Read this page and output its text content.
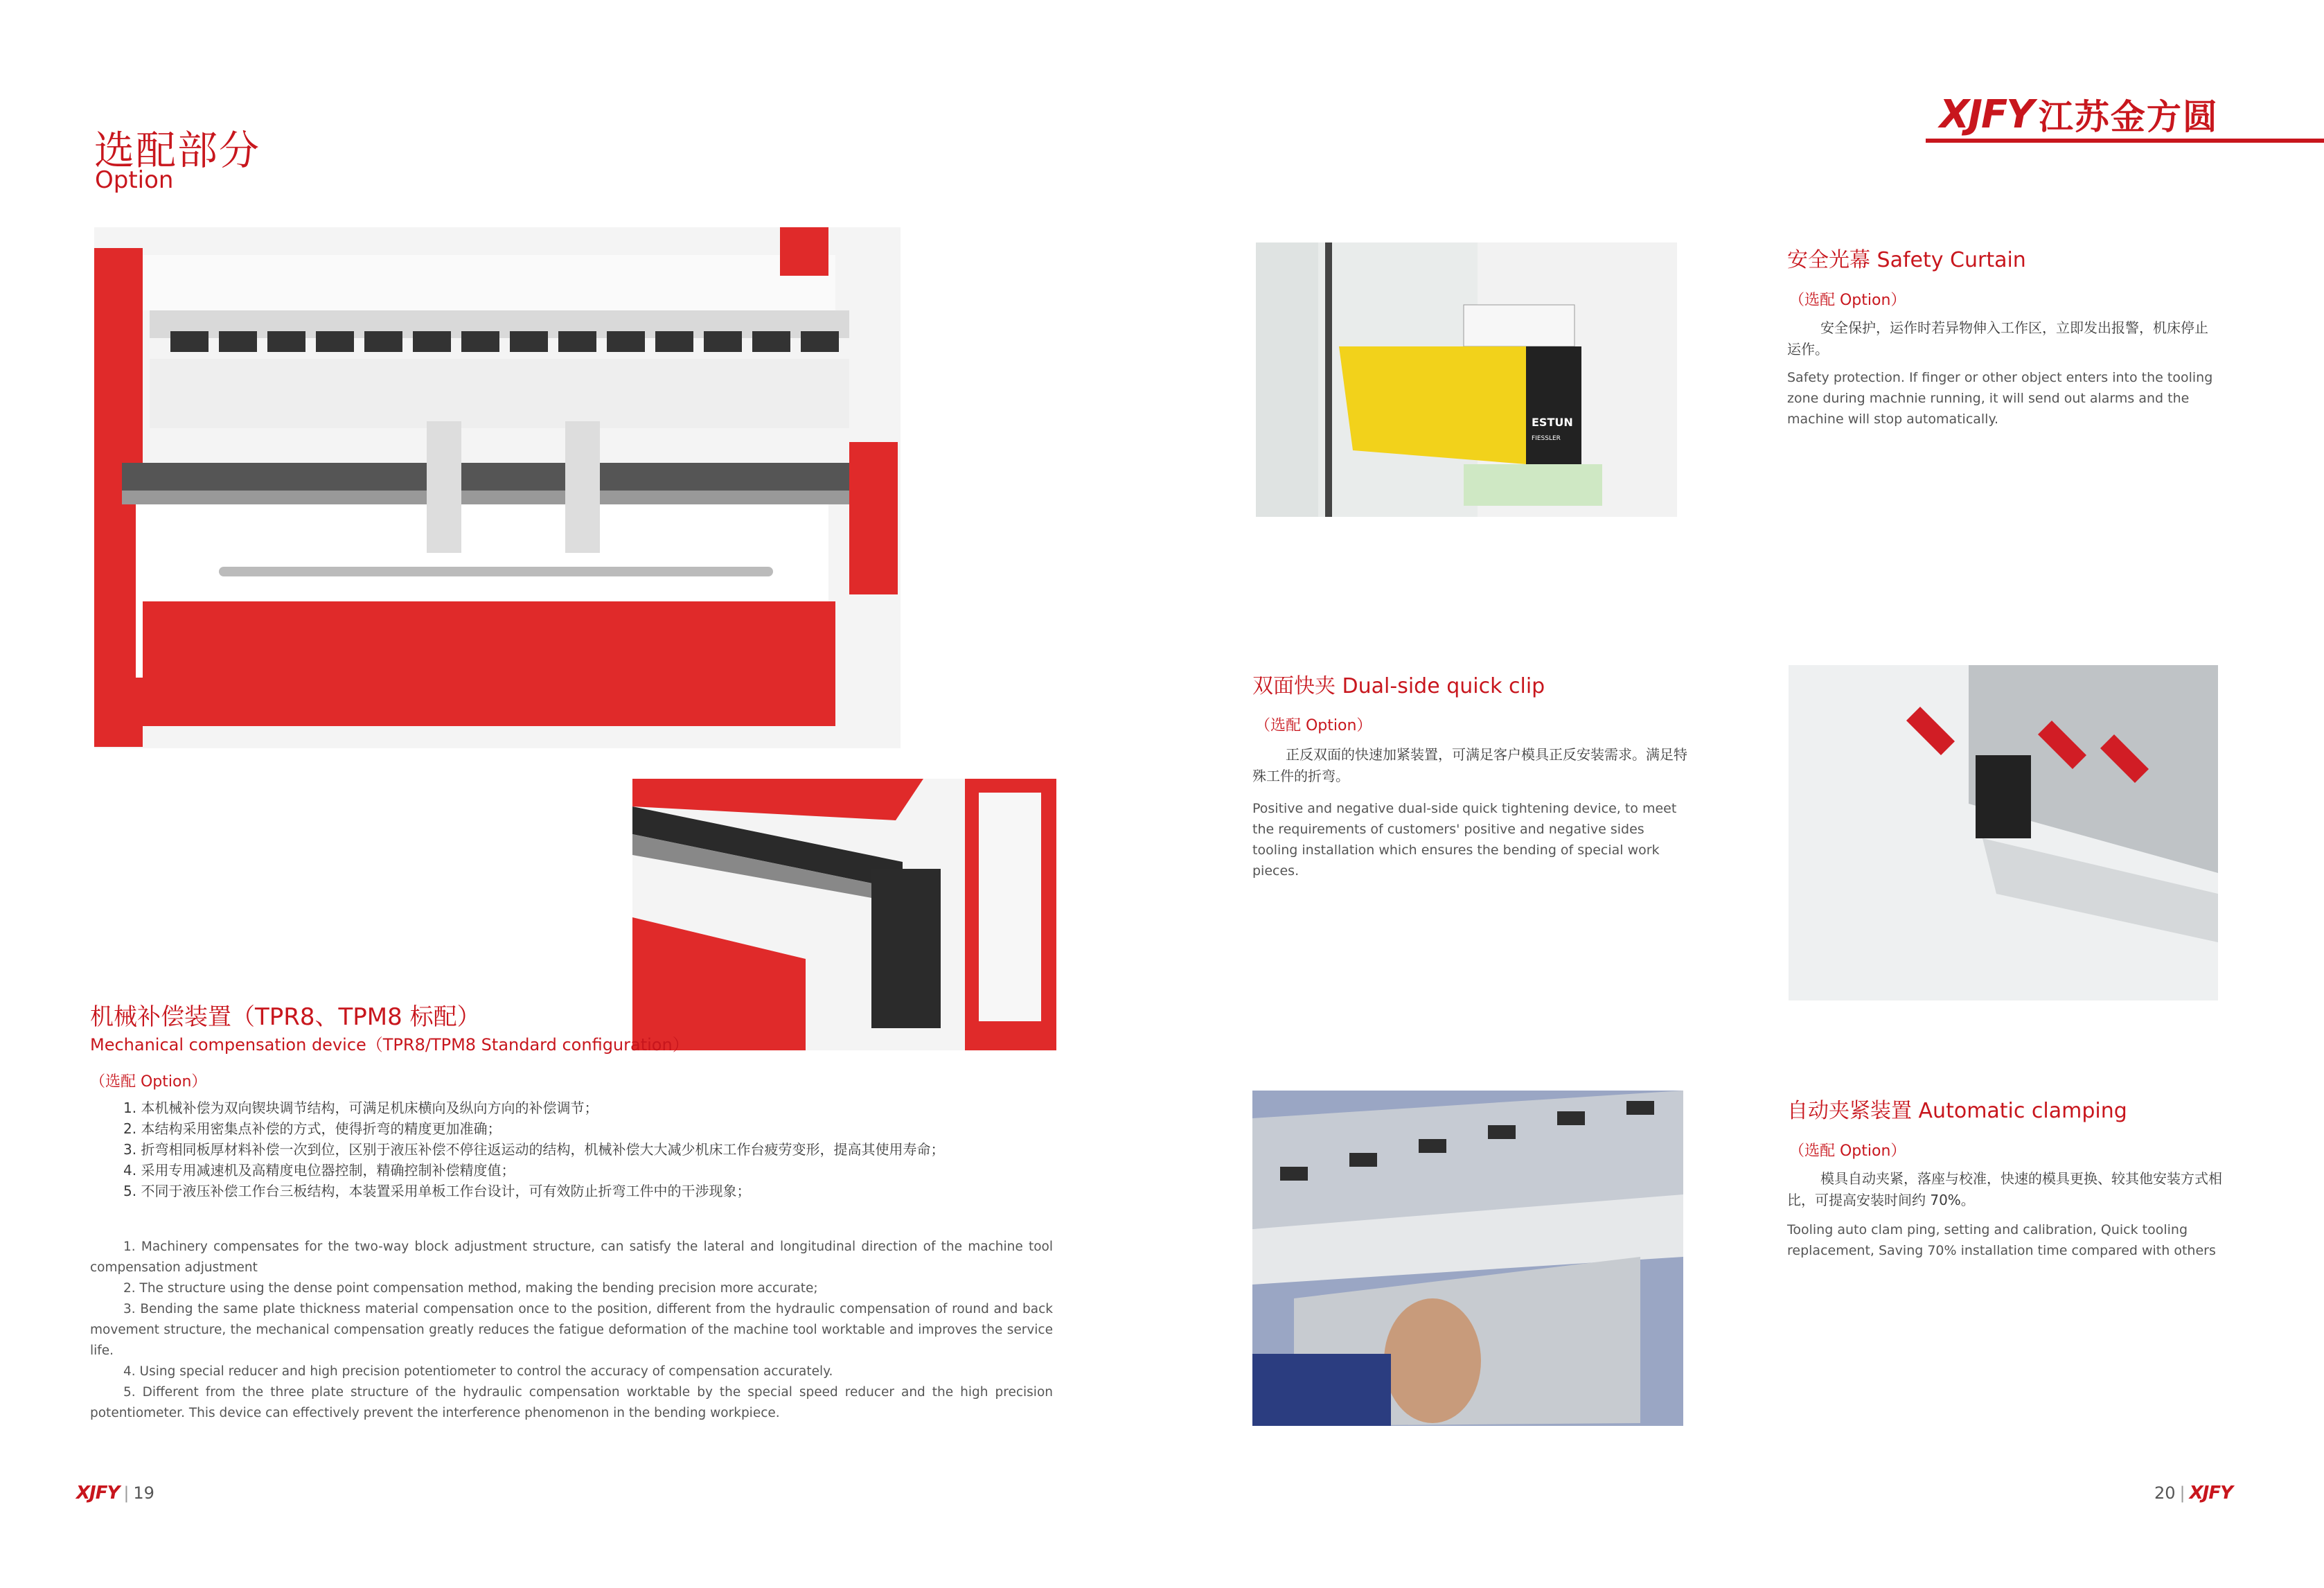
选配部分
Option
XJFY 江苏金方圆
机械补偿装置（TPR8、TPM8 标配）
Mechanical compensation device（TPR8/TPM8 Standard configuration）
（选配 Option）
1. 本机械补偿为双向锲块调节结构，可满足机床横向及纵向方向的补偿调节；
2. 本结构采用密集点补偿的方式，使得折弯的精度更加准确；
3. 折弯相同板厚材料补偿一次到位，区别于液压补偿不停往返运动的结构，机械补偿大大减少机床工作台疲劳变形，提高其使用寿命；
4. 采用专用减速机及高精度电位器控制，精确控制补偿精度值；
5. 不同于液压补偿工作台三板结构，本装置采用单板工作台设计，可有效防止折弯工件中的干涉现象；
1. Machinery compensates for the two-way block adjustment structure, can satisfy the lateral and longitudinal direction of the machine tool compensation adjustment
2. The structure using the dense point compensation method, making the bending precision more accurate;
3. Bending the same plate thickness material compensation once to the position, different from the hydraulic compensation of round and back movement structure, the mechanical compensation greatly reduces the fatigue deformation of the machine tool worktable and improves the service life.
4. Using special reducer and high precision potentiometer to control the accuracy of compensation accurately.
5. Different from the three plate structure of the hydraulic compensation worktable by the special speed reducer and the high precision potentiometer. This device can effectively prevent the interference phenomenon in the bending workpiece.
ESTUN
FIESSLER
安全光幕 Safety Curtain
（选配 Option）
安全保护，运作时若异物伸入工作区，立即发出报警，机床停止运作。
Safety protection. If finger or other object enters into the tooling zone during machnie running, it will send out alarms and the machine will stop automatically.
双面快夹 Dual-side quick clip
（选配 Option）
正反双面的快速加紧装置，可满足客户模具正反安装需求。满足特殊工件的折弯。
Positive and negative dual-side quick tightening device, to meet the requirements of customers' positive and negative sides tooling installation which ensures the bending of special work pieces.
自动夹紧装置 Automatic clamping
（选配 Option）
模具自动夹紧，落座与校准，快速的模具更换、较其他安装方式相比，可提高安装时间约 70%。
Tooling auto clam ping, setting and calibration, Quick tooling replacement, Saving 70% installation time compared with others
XJFY | 19	20 | XJFY
